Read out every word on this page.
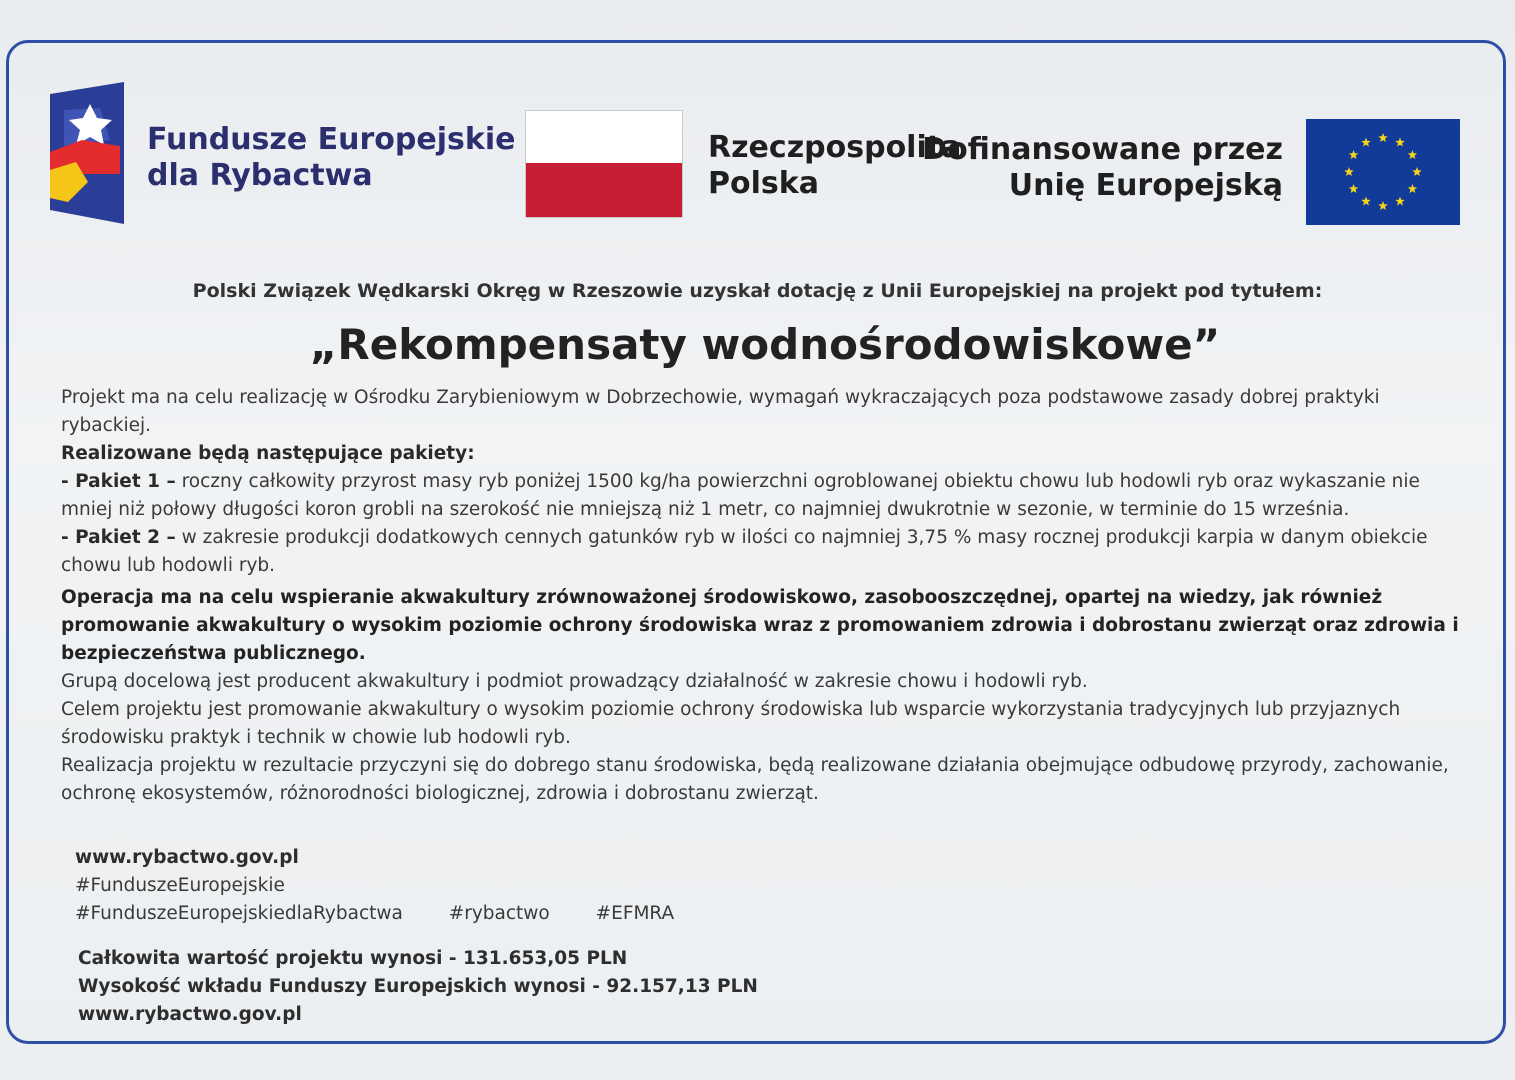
Fundusze Europejskie
dla Rybactwa
Rzeczpospolita
Polska
Dofinansowane przez
Unię Europejską
Polski Związek Wędkarski Okręg w Rzeszowie uzyskał dotację z Unii Europejskiej na projekt pod tytułem:
„Rekompensaty wodnośrodowiskowe”

Projekt ma na celu realizację w Ośrodku Zarybieniowym w Dobrzechowie, wymagań wykraczających poza podstawowe zasady dobrej praktyki rybackiej.

Realizowane będą następujące pakiety:

- Pakiet 1 – roczny całkowity przyrost masy ryb poniżej 1500 kg/ha powierzchni ogroblowanej obiektu chowu lub hodowli ryb oraz wykaszanie nie mniej niż połowy długości koron grobli na szerokość nie mniejszą niż 1 metr, co najmniej dwukrotnie w sezonie, w terminie do 15 września.

- Pakiet 2 – w zakresie produkcji dodatkowych cennych gatunków ryb w ilości co najmniej 3,75 % masy rocznej produkcji karpia w danym obiekcie chowu lub hodowli ryb.

Operacja ma na celu wspieranie akwakultury zrównoważonej środowiskowo, zasobooszczędnej, opartej na wiedzy, jak również promowanie akwakultury o wysokim poziomie ochrony środowiska wraz z promowaniem zdrowia i dobrostanu zwierząt oraz zdrowia i bezpieczeństwa publicznego.

Grupą docelową jest producent akwakultury i podmiot prowadzący działalność w zakresie chowu i hodowli ryb.

Celem projektu jest promowanie akwakultury o wysokim poziomie ochrony środowiska lub wsparcie wykorzystania tradycyjnych lub przyjaznych środowisku praktyk i technik w chowie lub hodowli ryb.

Realizacja projektu w rezultacie przyczyni się do dobrego stanu środowiska, będą realizowane działania obejmujące odbudowę przyrody, zachowanie, ochronę ekosystemów, różnorodności biologicznej, zdrowia i dobrostanu zwierząt.

www.rybactwo.gov.pl
#FunduszeEuropejskie
#FunduszeEuropejskiedlaRybactwa #rybactwo #EFMRA
Całkowita wartość projektu wynosi - 131.653,05 PLN
Wysokość wkładu Funduszy Europejskich wynosi - 92.157,13 PLN
www.rybactwo.gov.pl
